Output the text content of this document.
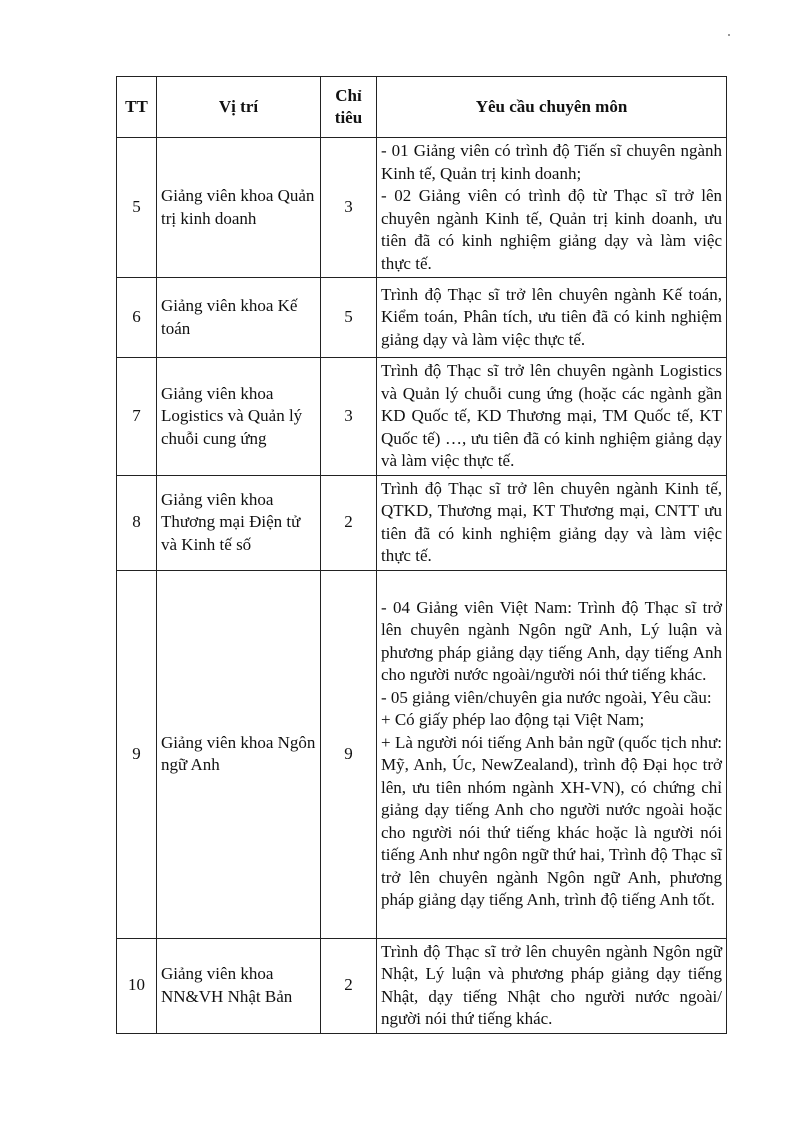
TT	Vị trí	Chỉ tiêu	Yêu cầu chuyên môn
5	Giảng viên khoa Quản trị kinh doanh	3	- 01 Giảng viên có trình độ Tiến sĩ chuyên ngành Kinh tế, Quản trị kinh doanh;
- 02 Giảng viên có trình độ từ Thạc sĩ trở lên chuyên ngành Kinh tế, Quản trị kinh doanh, ưu tiên đã có kinh nghiệm giảng dạy và làm việc thực tế.

6	Giảng viên khoa Kế toán	5	Trình độ Thạc sĩ trở lên chuyên ngành Kế toán, Kiểm toán, Phân tích, ưu tiên đã có kinh nghiệm giảng dạy và làm việc thực tế.

7	Giảng viên khoa Logistics và Quản lý chuỗi cung ứng	3	Trình độ Thạc sĩ trở lên chuyên ngành Logistics và Quản lý chuỗi cung ứng (hoặc các ngành gần KD Quốc tế, KD Thương mại, TM Quốc tế, KT Quốc tế) …, ưu tiên đã có kinh nghiệm giảng dạy và làm việc thực tế.

8	Giảng viên khoa Thương mại Điện tử và Kinh tế số	2	Trình độ Thạc sĩ trở lên chuyên ngành Kinh tế, QTKD, Thương mại, KT Thương mại, CNTT ưu tiên đã có kinh nghiệm giảng dạy và làm việc thực tế.

9	Giảng viên khoa Ngôn ngữ Anh	9	- 04 Giảng viên Việt Nam: Trình độ Thạc sĩ trở lên chuyên ngành Ngôn ngữ Anh, Lý luận và phương pháp giảng dạy tiếng Anh, dạy tiếng Anh cho người nước ngoài/người nói thứ tiếng khác.
- 05 giảng viên/chuyên gia nước ngoài, Yêu cầu:
+ Có giấy phép lao động tại Việt Nam;
+ Là người nói tiếng Anh bản ngữ (quốc tịch như: Mỹ, Anh, Úc, NewZealand), trình độ Đại học trở lên, ưu tiên nhóm ngành XH-VN), có chứng chỉ giảng dạy tiếng Anh cho người nước ngoài hoặc cho người nói thứ tiếng khác hoặc là người nói tiếng Anh như ngôn ngữ thứ hai, Trình độ Thạc sĩ trở lên chuyên ngành Ngôn ngữ Anh, phương pháp giảng dạy tiếng Anh, trình độ tiếng Anh tốt.

10	Giảng viên khoa NN&VH Nhật Bản	2	Trình độ Thạc sĩ trở lên chuyên ngành Ngôn ngữ Nhật, Lý luận và phương pháp giảng dạy tiếng Nhật, dạy tiếng Nhật cho người nước ngoài/ người nói thứ tiếng khác.
